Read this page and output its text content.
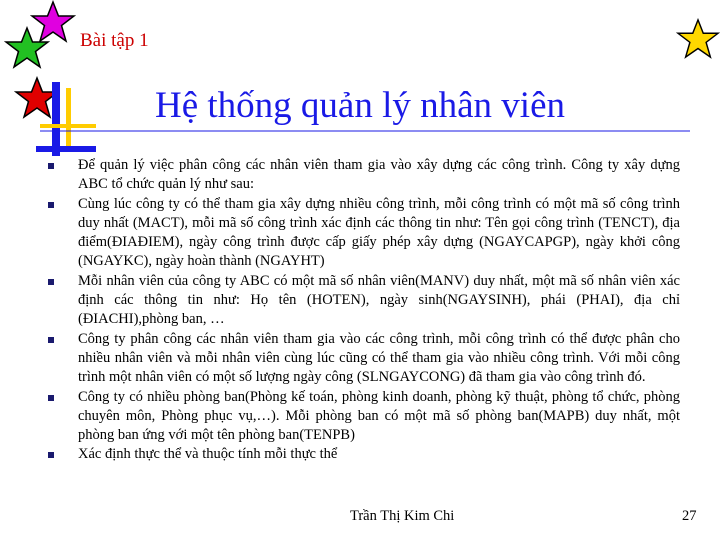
Bài tập 1
Hệ thống quản lý nhân viên
Để quản lý việc phân công các nhân viên tham gia vào xây dựng các công trình. Công ty xây dựng ABC tổ chức quản lý như sau:
Cùng lúc công ty có thể tham gia xây dựng nhiều công trình, mỗi công trình có một mã số công trình duy nhất (MACT), mỗi mã số công trình xác định các thông tin như: Tên gọi công trình (TENCT), địa điểm(ĐIAĐIEM), ngày công trình được cấp giấy phép xây dựng (NGAYCAPGP), ngày khởi công (NGAYKC), ngày hoàn thành (NGAYHT)
Mỗi nhân viên của công ty ABC có một mã số nhân viên(MANV) duy nhất, một mã số nhân viên xác định các thông tin như: Họ tên (HOTEN), ngày sinh(NGAYSINH), phái (PHAI), địa chỉ (ĐIACHI),phòng ban, …
Công ty phân công các nhân viên tham gia vào các công trình, mỗi công trình có thể được phân cho nhiều nhân viên và mỗi nhân viên cùng lúc cũng có thể tham gia vào nhiều công trình. Với mỗi công trình một nhân viên có một số lượng ngày công (SLNGAYCONG) đã tham gia vào công trình đó.
Công ty có nhiều phòng ban(Phòng kế toán, phòng kinh doanh, phòng kỹ thuật, phòng tổ chức, phòng chuyên môn, Phòng phục vụ,…). Mỗi phòng ban có một mã số phòng ban(MAPB) duy nhất, một phòng ban ứng với một tên phòng ban(TENPB)
Xác định thực thể và thuộc tính mỗi thực thể
Trần Thị Kim Chi	27
